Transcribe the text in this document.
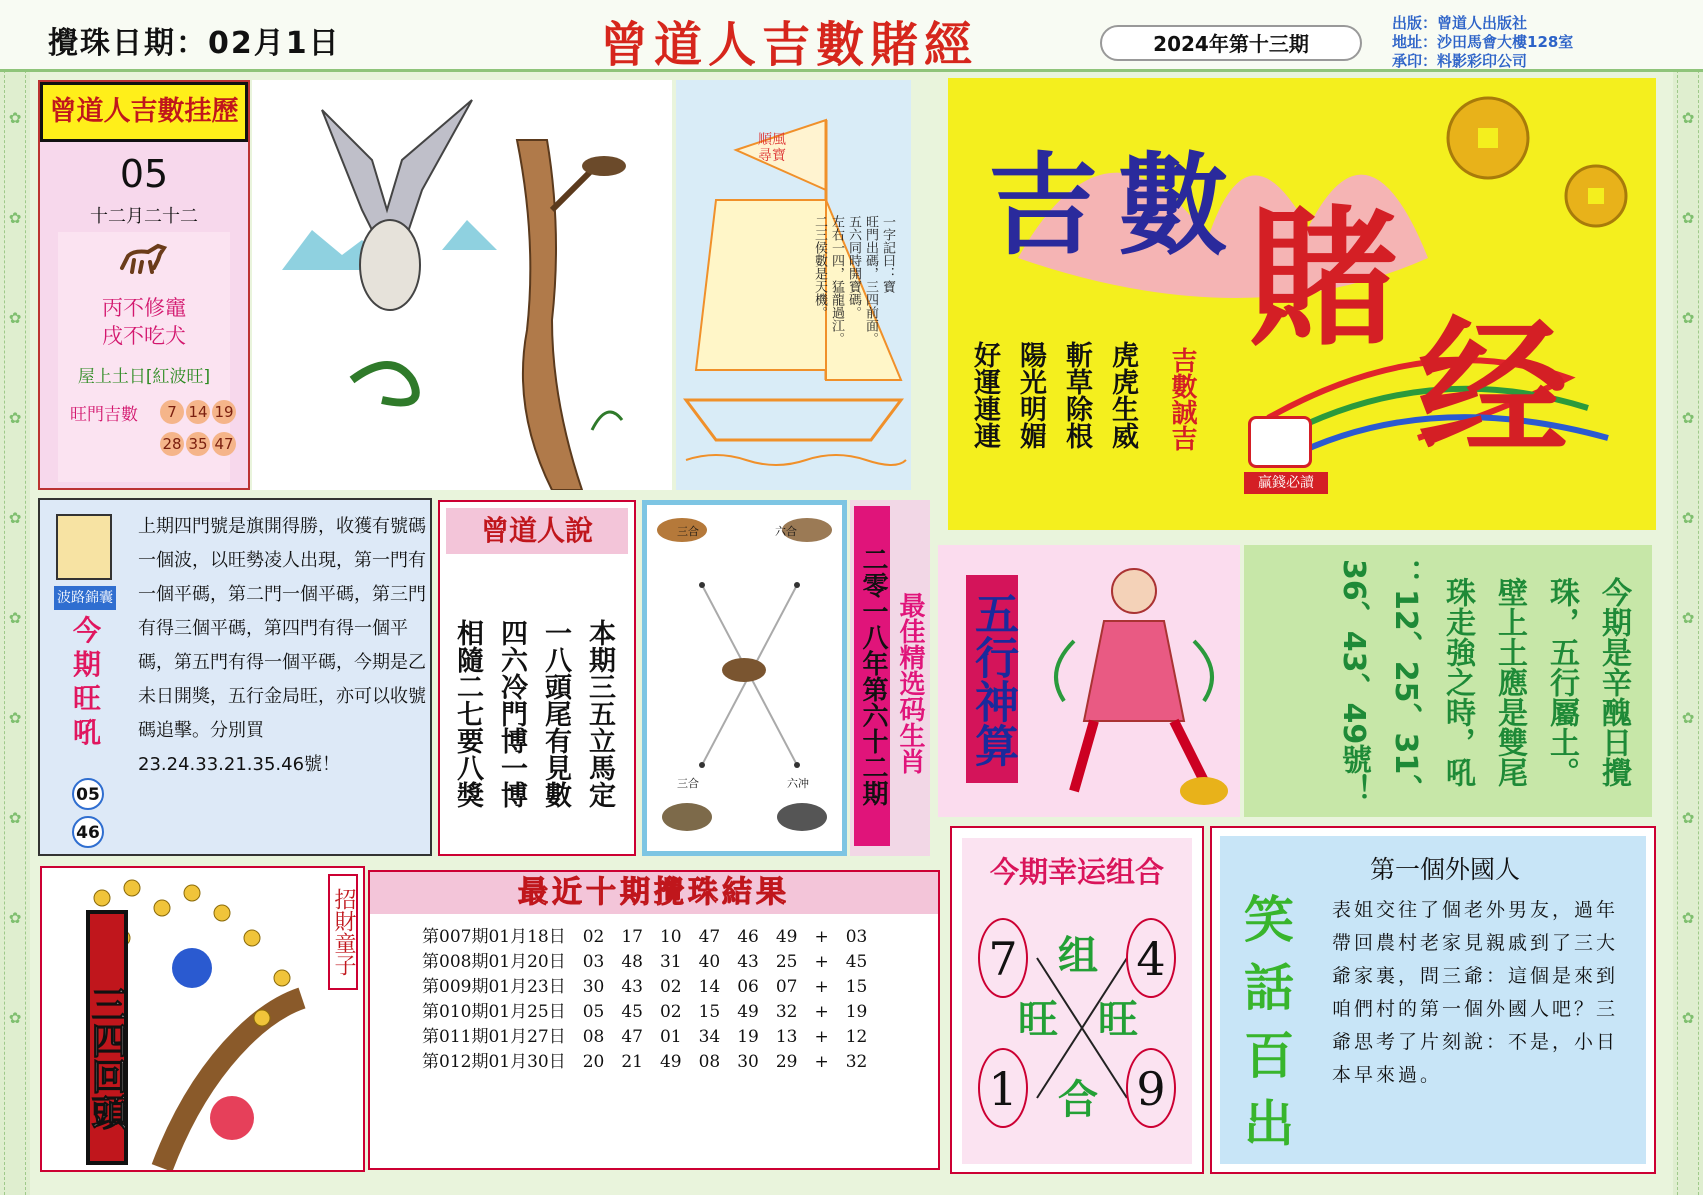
✿
✿
✿
✿
✿
✿
✿
✿
✿
✿
✿
✿
✿
✿
✿
✿
✿
✿
✿
✿
攪珠日期：02月1日	曾道人吉數賭經	2024年第十三期
出版：曾道人出版社
地址：沙田馬會大樓128室
承印：料影彩印公司
曾道人吉數挂歷
05
十二月二十二
丙不修竈
戌不吃犬
屋上土日[紅波旺]
旺門吉數	7 14 19
28 35 47
順風尋寶
一字記曰：寶
旺門出碼，三四前面。
五六同時開寶碼。
左右一四，猛龍過江。
二三侯數是天機。 吉 數 賭
经
好運連連 陽光明媚 斬草除根 虎虎生威 吉數誠吉
贏錢必讀
波路錦囊
今期旺吼
上期四門號是旗開得勝，收獲有號碼一個波，以旺勢凌人出現，第一門有一個平碼，第二門一個平碼，第三門有得三個平碼，第四門有得一個平碼，第五門有得一個平碼，今期是乙未日開獎，五行金局旺，亦可以收號碼追擊。分別買23.24.33.21.35.46號！
05
46
曾道人說
本期三五立馬定
一八頭尾有見數
四六冷門博一博
相隨二七要八獎
三合	六合
三合	六冲 二零一八年第六十二期 最佳精选码生肖 五行神算	今期是辛醜日攪
珠，五行屬土。
壁上土應是雙尾
珠走強之時，吼
：12、25、31、
36、43、49號！
三四回頭
招財童子	最近十期攪珠結果
第007期01月18日　02　17　10　47　46　49　+　03
第008期01月20日　03　48　31　40　43　25　+　45
第009期01月23日　30　43　02　14　06　07　+　15
第010期01月25日　05　45　02　15　49　32　+　19
第011期01月27日　08　47　01　34　19　13　+　12
第012期01月30日　20　21　49　08　30　29　+　32
今期幸运组合
7	4
1	9
组
旺 旺
合
笑話百出
第一個外國人
表姐交往了個老外男友，過年帶回農村老家見親戚到了三大爺家裏，問三爺：這個是來到咱們村的第一個外國人吧？三爺思考了片刻說：不是，小日本早來過。
